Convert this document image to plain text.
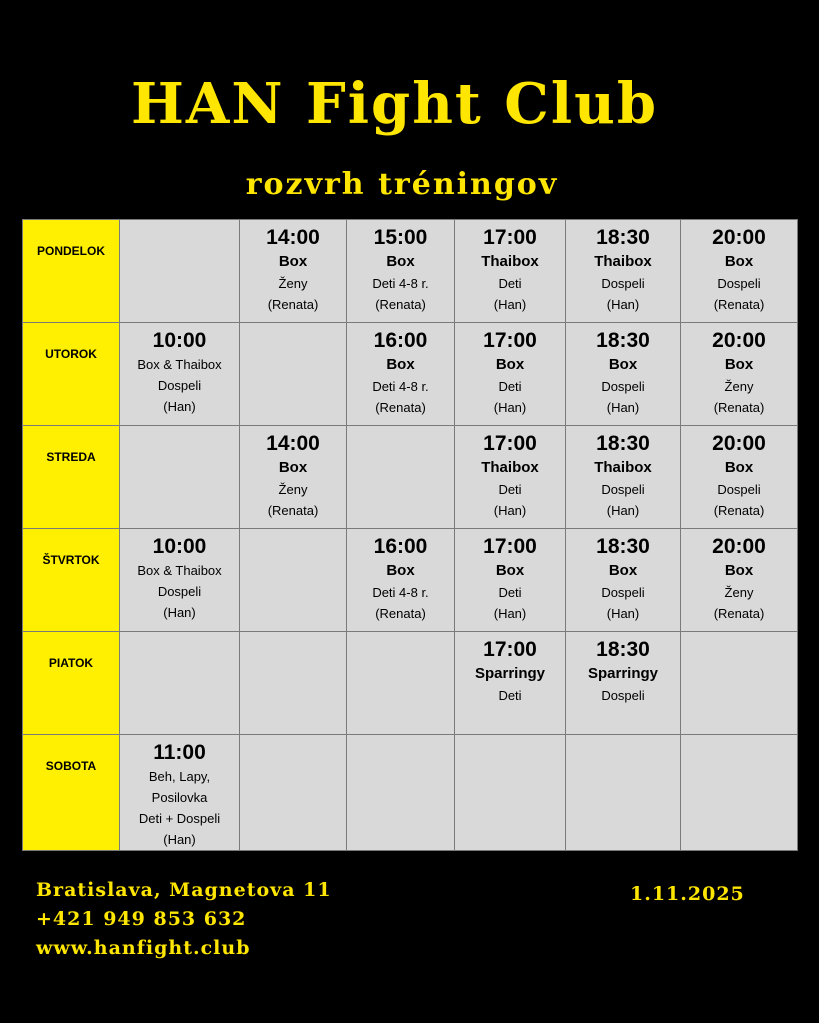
HAN Fight Club
rozvrh tréningov
PONDELOK		14:00
Box
Ženy
(Renata)	15:00
Box
Deti 4-8 r.
(Renata)	17:00
Thaibox
Deti
(Han)	18:30
Thaibox
Dospeli
(Han)	20:00
Box
Dospeli
(Renata)

UTOROK	10:00
Box & Thaibox
Dospeli
(Han)		16:00
Box
Deti 4-8 r.
(Renata)	17:00
Box
Deti
(Han)	18:30
Box
Dospeli
(Han)	20:00
Box
Ženy
(Renata)

STREDA		14:00
Box
Ženy
(Renata)		17:00
Thaibox
Deti
(Han)	18:30
Thaibox
Dospeli
(Han)	20:00
Box
Dospeli
(Renata)

ŠTVRTOK	10:00
Box & Thaibox
Dospeli
(Han)		16:00
Box
Deti 4-8 r.
(Renata)	17:00
Box
Deti
(Han)	18:30
Box
Dospeli
(Han)	20:00
Box
Ženy
(Renata)

PIATOK				17:00
Sparringy
Deti	18:30
Sparringy
Dospeli	

SOBOTA	11:00
Beh, Lapy,
Posilovka
Deti + Dospeli
(Han)					

Bratislava, Magnetova 11
+421 949 853 632
www.hanfight.club
1.11.2025
